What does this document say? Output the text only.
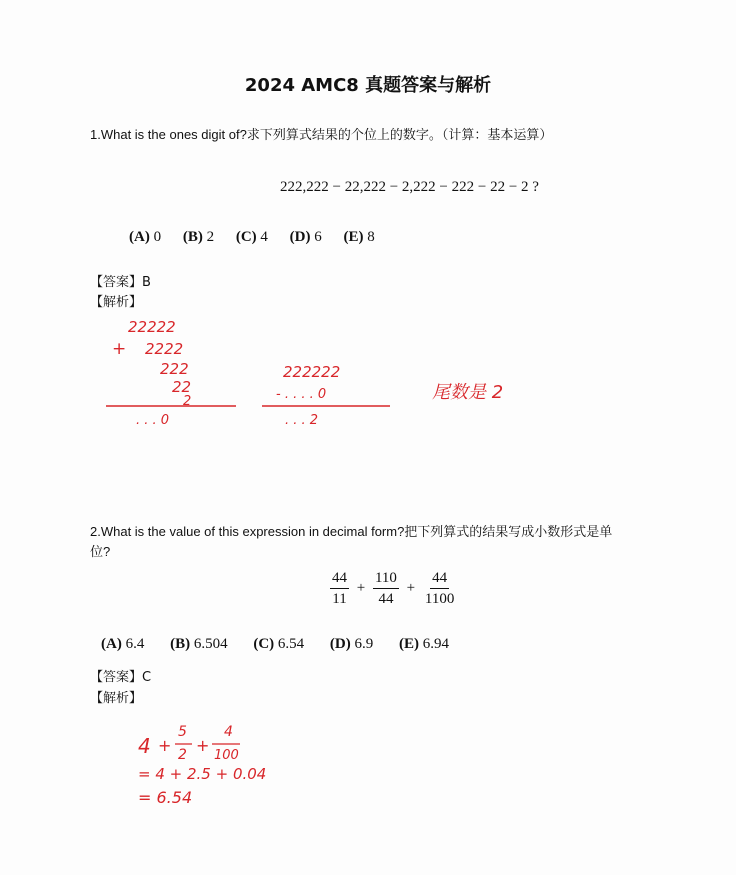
2024 AMC8 真题答案与解析
1.What is the ones digit of?求下列算式结果的个位上的数字。（计算：基本运算）
222,222 − 22,222 − 2,222 − 222 − 22 − 2 ?
(A) 0 (B) 2 (C) 4 (D) 6 (E) 8
【答案】B
【解析】
22222
+ 2222
222
22
2
. . . 0
222222
- . . . . 0
. . . 2
尾数是 2
2.What is the value of this expression in decimal form?把下列算式的结果写成小数形式是单
位?
$\frac{44}{11} + \frac{110}{44} + \frac{44}{1100}$
(A) 6.4 (B) 6.504 (C) 6.54 (D) 6.9 (E) 6.94
【答案】C
【解析】
4 +
5
2 +
4
100
= 4 + 2.5 + 0.04
= 6.54
